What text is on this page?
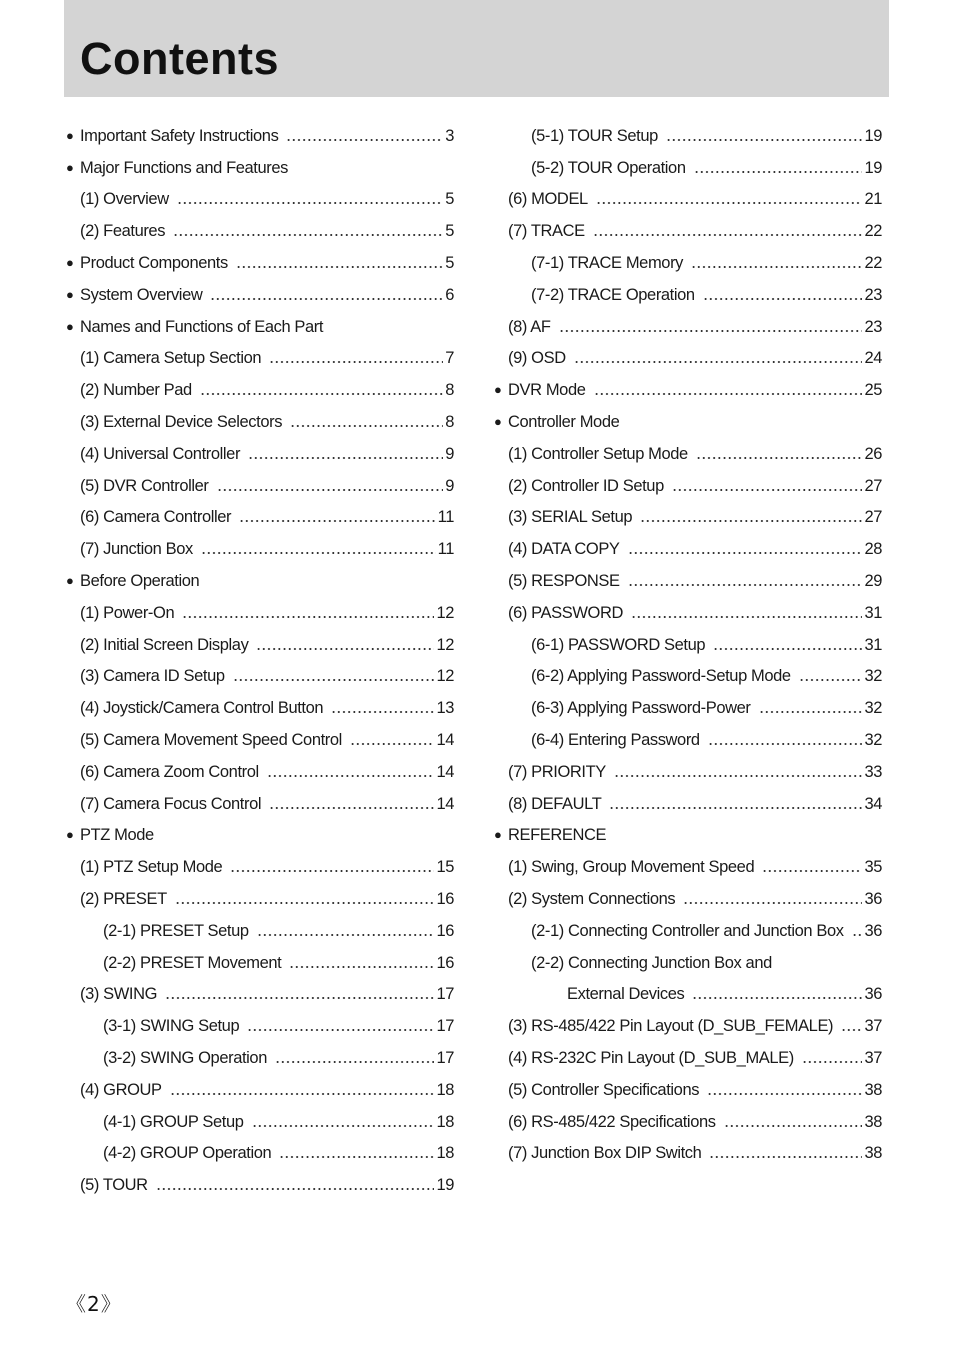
Contents
● Important Safety Instructions	3
● Major Functions and Features
(1) Overview	5
(2) Features	5
● Product Components	5
● System Overview	6
● Names and Functions of Each Part
(1) Camera Setup Section	7
(2) Number Pad	8
(3) External Device Selectors	8
(4) Universal Controller	9
(5) DVR Controller	9
(6) Camera Controller	11
(7) Junction Box	11
● Before Operation
(1) Power-On	12
(2) Initial Screen Display	12
(3) Camera ID Setup	12
(4) Joystick/Camera Control Button	13
(5) Camera Movement Speed Control	14
(6) Camera Zoom Control	14
(7) Camera Focus Control	14
● PTZ Mode
(1) PTZ Setup Mode	15
(2) PRESET	16
(2-1) PRESET Setup	16
(2-2) PRESET Movement	16
(3) SWING	17
(3-1) SWING Setup	17
(3-2) SWING Operation	17
(4) GROUP	18
(4-1) GROUP Setup	18
(4-2) GROUP Operation	18
(5) TOUR	19
(5-1) TOUR Setup	19
(5-2) TOUR Operation	19
(6) MODEL	21
(7) TRACE	22
(7-1) TRACE Memory	22
(7-2) TRACE Operation	23
(8) AF	23
(9) OSD	24
● DVR Mode	25
● Controller Mode
(1) Controller Setup Mode	26
(2) Controller ID Setup	27
(3) SERIAL Setup	27
(4) DATA COPY	28
(5) RESPONSE	29
(6) PASSWORD	31
(6-1) PASSWORD Setup	31
(6-2) Applying Password-Setup Mode	32
(6-3) Applying Password-Power	32
(6-4) Entering Password	32
(7) PRIORITY	33
(8) DEFAULT	34
● REFERENCE
(1) Swing, Group Movement Speed	35
(2) System Connections	36
(2-1) Connecting Controller and Junction Box 36
(2-2) Connecting Junction Box and
External Devices	36
(3) RS-485/422 Pin Layout (D_SUB_FEMALE) 37
(4) RS-232C Pin Layout (D_SUB_MALE)	37
(5) Controller Specifications	38
(6) RS-485/422 Specifications	38
(7) Junction Box DIP Switch	38
《2》
